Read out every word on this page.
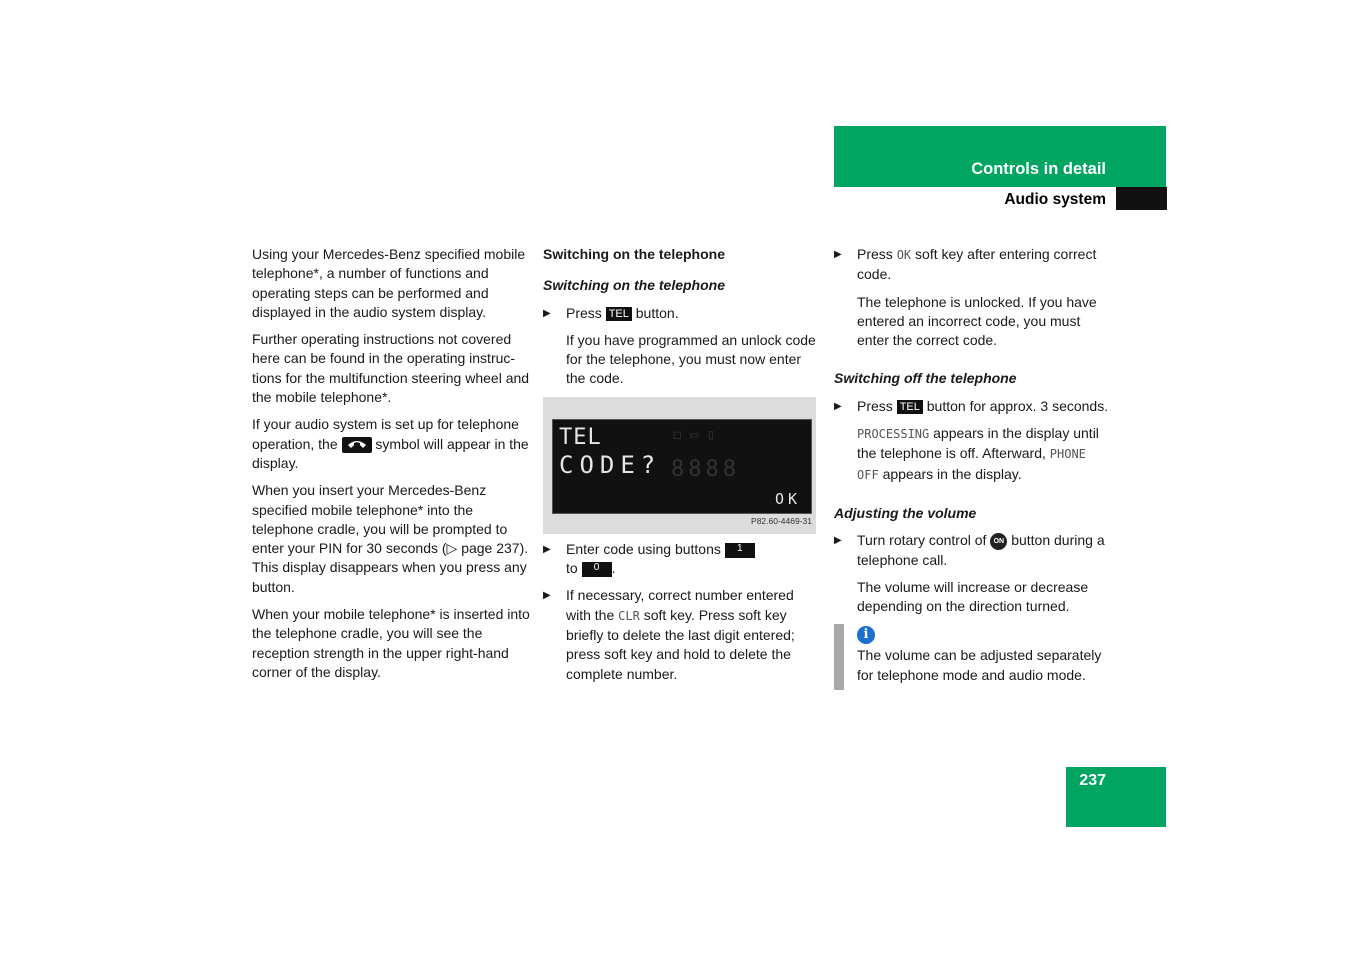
Controls in detail
Audio system

Using your Mercedes-Benz specified mobile telephone*, a number of functions and operating steps can be performed and displayed in the audio system display.

Further operating instructions not covered here can be found in the operating instruc-tions for the multifunction steering wheel and the mobile telephone*.

If your audio system is set up for telephone operation, the	symbol will appear in the display.

When you insert your Mercedes-Benz specified mobile telephone* into the telephone cradle, you will be prompted to enter your PIN for 30 seconds (▷ page 237). This display disappears when you press any button.

When your mobile telephone* is inserted into the telephone cradle, you will see the reception strength in the upper right-hand corner of the display.

Switching on the telephone

Switching on the telephone

▶ Press TEL button.

If you have programmed an unlock code for the telephone, you must now enter the code.

◻ ▭ ▯
TEL
CODE? 8888
OK
P82.60-4469-31

▶ Enter code using buttons 1
to 0 .

▶ If necessary, correct number entered with the CLR soft key. Press soft key briefly to delete the last digit entered; press soft key and hold to delete the complete number.

▶ Press OK soft key after entering correct code.

The telephone is unlocked. If you have entered an incorrect code, you must enter the correct code.

Switching off the telephone

▶ Press TEL button for approx. 3 seconds.

PROCESSING appears in the display until the telephone is off. Afterward, PHONE OFF appears in the display.

Adjusting the volume

▶ Turn rotary control of ON button during a telephone call.

The volume will increase or decrease depending on the direction turned.

i
The volume can be adjusted separately for telephone mode and audio mode.
237
